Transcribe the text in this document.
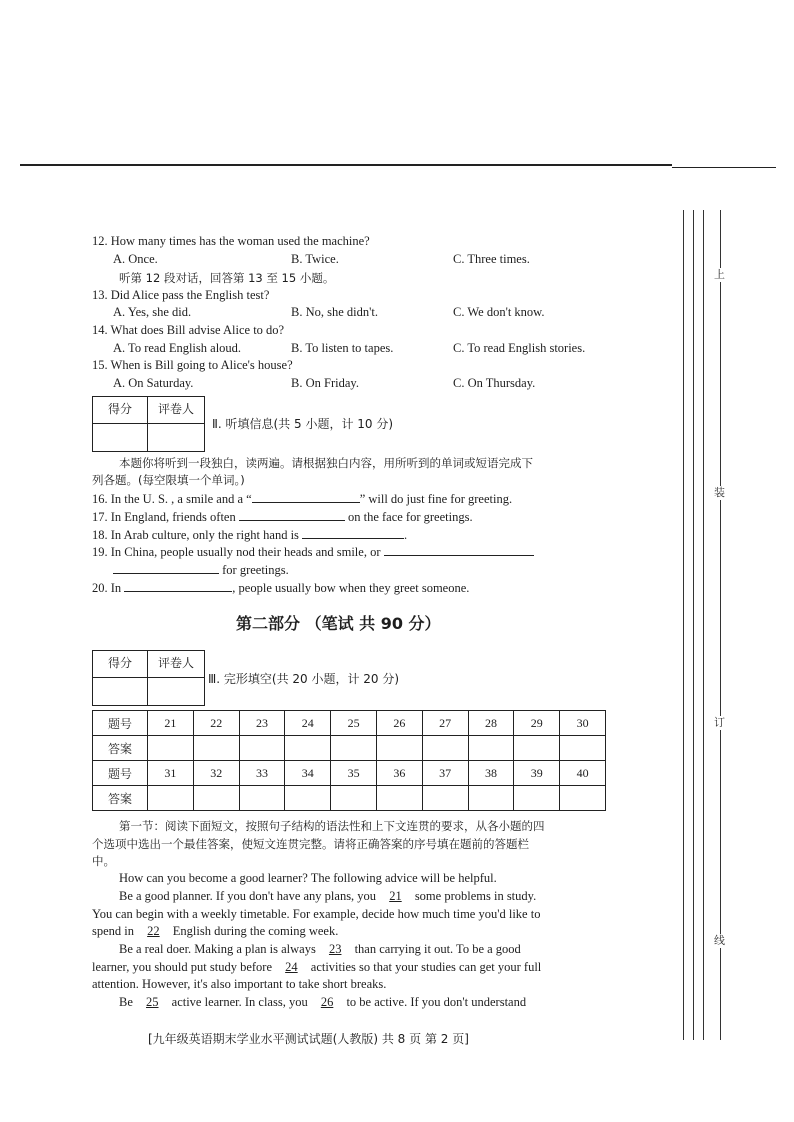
上
装
订
线
12. How many times has the woman used the machine?
A. Once.	B. Twice.	C. Three times.
听第 12 段对话，回答第 13 至 15 小题。
13. Did Alice pass the English test?
A. Yes, she did.	B. No, she didn't.	C. We don't know.
14. What does Bill advise Alice to do?
A. To read English aloud.	B. To listen to tapes.	C. To read English stories.
15. When is Bill going to Alice's house?
A. On Saturday.	B. On Friday.	C. On Thursday.
得分	评卷人
Ⅱ. 听填信息(共 5 小题，计 10 分)
本题你将听到一段独白，读两遍。请根据独白内容，用所听到的单词或短语完成下
列各题。(每空限填一个单词。)
16. In the U. S. , a smile and a “	” will do just fine for greeting.
17. In England, friends often	on the face for greetings.
18. In Arab culture, only the right hand is	.
19. In China, people usually nod their heads and smile, or
for greetings.
20. In	, people usually bow when they greet someone.
第二部分 （笔试 共 90 分）
得分	评卷人
Ⅲ. 完形填空(共 20 小题，计 20 分)
题号	21	22	23	24	25	26	27	28	29	30
答案										
题号	31	32	33	34	35	36	37	38	39	40
答案										
第一节：阅读下面短文，按照句子结构的语法性和上下文连贯的要求，从各小题的四
个选项中选出一个最佳答案，使短文连贯完整。请将正确答案的序号填在题前的答题栏
中。
How can you become a good learner? The following advice will be helpful.
Be a good planner. If you don't have any plans, you 21 some problems in study.
You can begin with a weekly timetable. For example, decide how much time you'd like to
spend in 22 English during the coming week.
Be a real doer. Making a plan is always 23 than carrying it out. To be a good
learner, you should put study before 24 activities so that your studies can get your full
attention. However, it's also important to take short breaks.
Be 25 active learner. In class, you 26 to be active. If you don't understand
[九年级英语期末学业水平测试试题(人教版) 共 8 页 第 2 页]
